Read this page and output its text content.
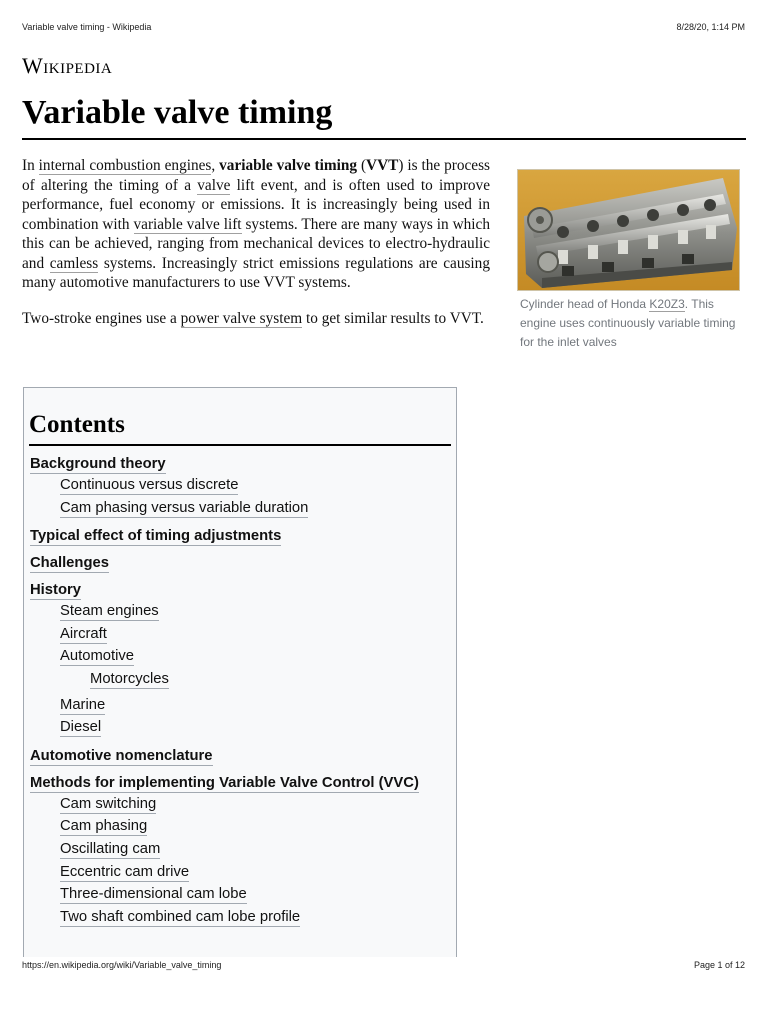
Variable valve timing - Wikipedia	8/28/20, 1:14 PM
Wikipedia
Variable valve timing

In internal combustion engines, variable valve timing (VVT) is the process of altering the timing of a valve lift event, and is often used to improve performance, fuel economy or emissions. It is increasingly being used in combination with variable valve lift systems. There are many ways in which this can be achieved, ranging from mechanical devices to electro-hydraulic and camless systems. Increasingly strict emissions regulations are causing many automotive manufacturers to use VVT systems.

Two-stroke engines use a power valve system to get similar results to VVT.

Cylinder head of Honda K20Z3. This engine uses continuously variable timing for the inlet valves
Contents
Background theory
Continuous versus discrete
Cam phasing versus variable duration
Typical effect of timing adjustments
Challenges
History
Steam engines
Aircraft
Automotive
Motorcycles
Marine
Diesel
Automotive nomenclature
Methods for implementing Variable Valve Control (VVC)
Cam switching
Cam phasing
Oscillating cam
Eccentric cam drive
Three-dimensional cam lobe
Two shaft combined cam lobe profile
https://en.wikipedia.org/wiki/Variable_valve_timing	Page 1 of 12
